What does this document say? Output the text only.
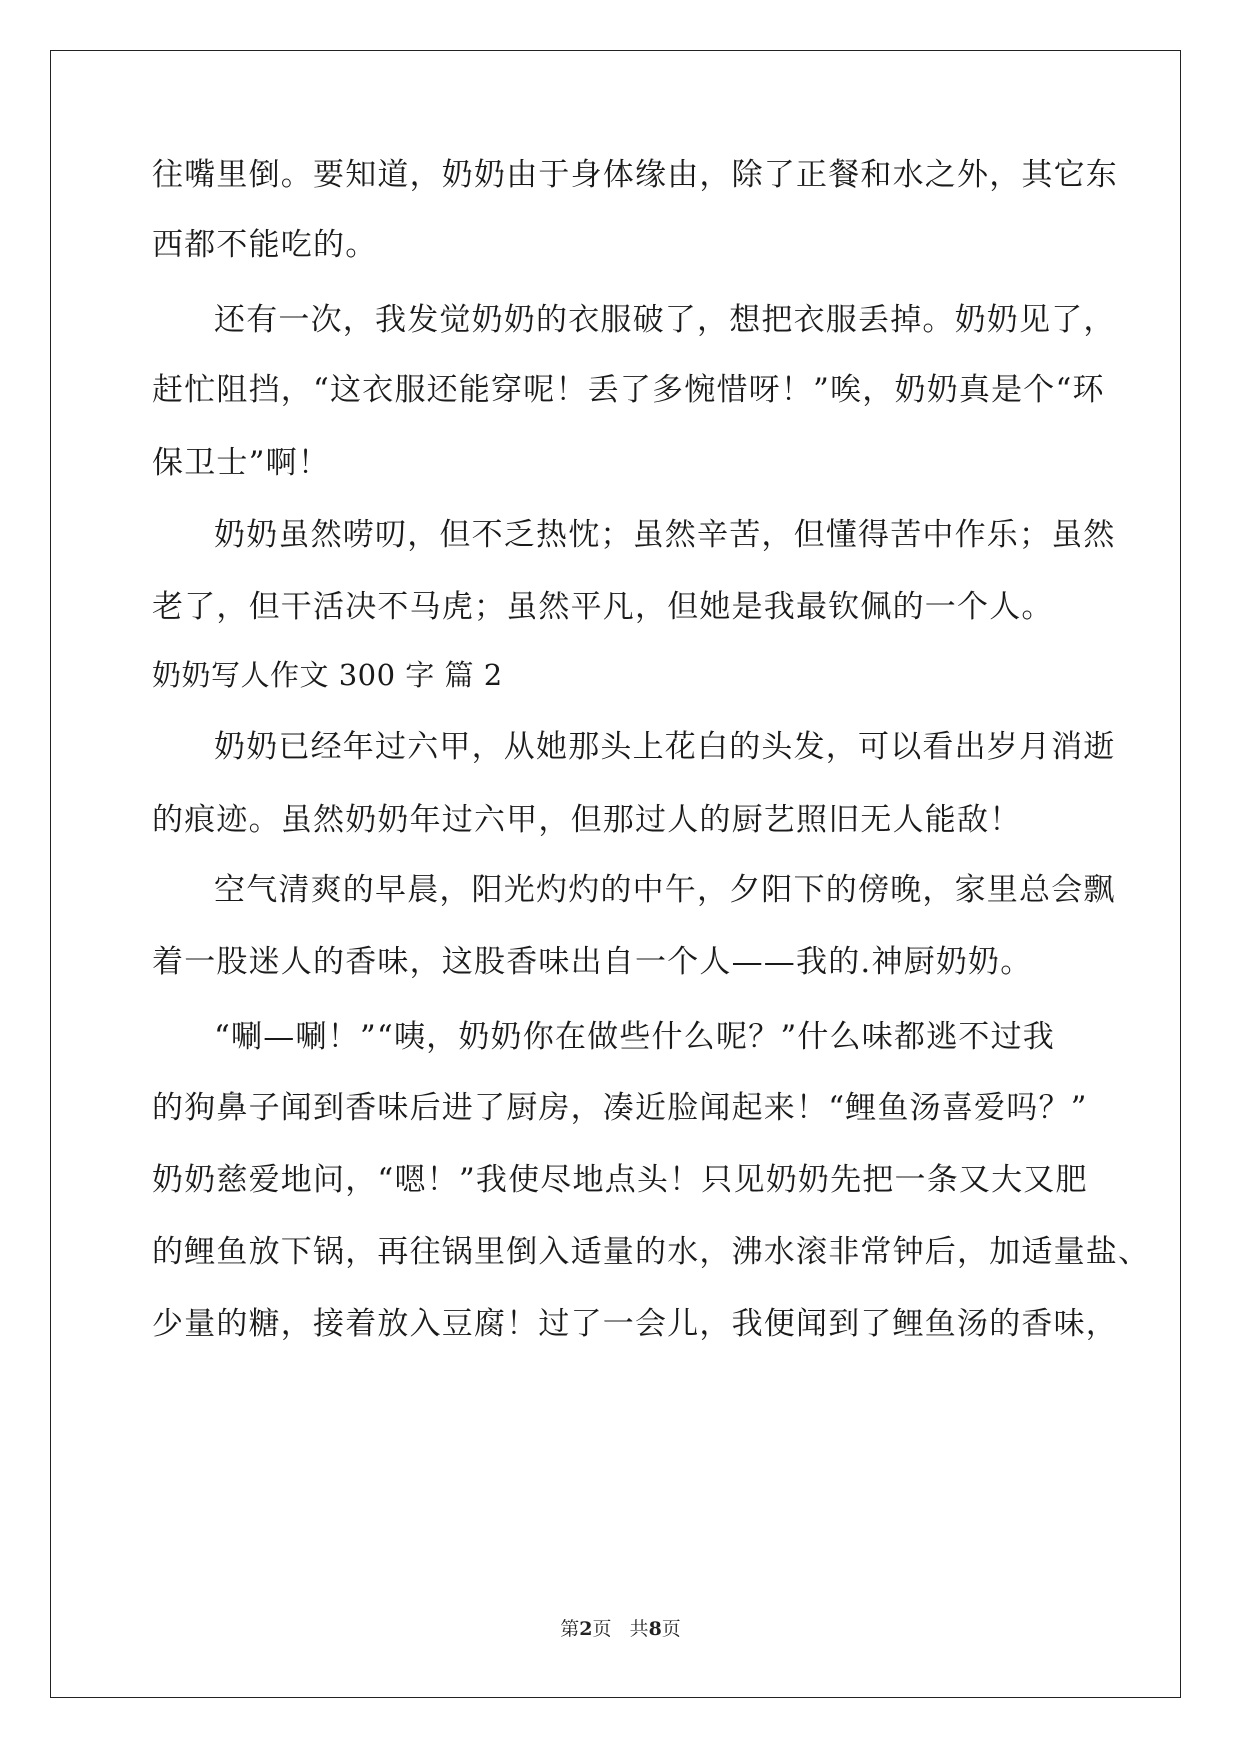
往嘴里倒。要知道，奶奶由于身体缘由，除了正餐和水之外，其它东
西都不能吃的。
还有一次，我发觉奶奶的衣服破了，想把衣服丢掉。奶奶见了，
赶忙阻挡，“这衣服还能穿呢！丢了多惋惜呀！”唉，奶奶真是个“环
保卫士”啊！
奶奶虽然唠叨，但不乏热忱；虽然辛苦，但懂得苦中作乐；虽然
老了，但干活决不马虎；虽然平凡，但她是我最钦佩的一个人。
奶奶写人作文 300 字 篇 2
奶奶已经年过六甲，从她那头上花白的头发，可以看出岁月消逝
的痕迹。虽然奶奶年过六甲，但那过人的厨艺照旧无人能敌！
空气清爽的早晨，阳光灼灼的中午，夕阳下的傍晚，家里总会飘
着一股迷人的香味，这股香味出自一个人——我的.神厨奶奶。
“唰—唰！”“咦，奶奶你在做些什么呢？”什么味都逃不过我
的狗鼻子闻到香味后进了厨房，凑近脸闻起来！“鲤鱼汤喜爱吗？”
奶奶慈爱地问，“嗯！”我使尽地点头！只见奶奶先把一条又大又肥
的鲤鱼放下锅，再往锅里倒入适量的水，沸水滚非常钟后，加适量盐、
少量的糖，接着放入豆腐！过了一会儿，我便闻到了鲤鱼汤的香味，
第2页   共8页
